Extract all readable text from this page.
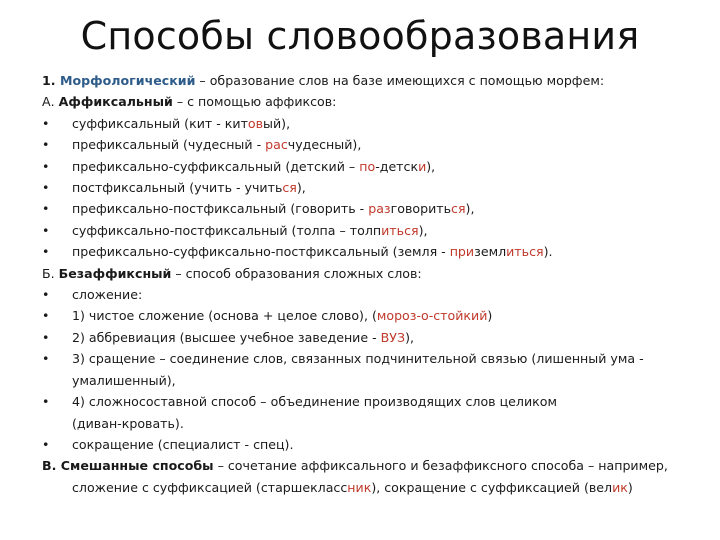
Способы словообразования
1. Морфологический – образование слов на базе имеющихся с помощью морфем:
А. Аффиксальный – с помощью аффиксов:
• суффиксальный (кит - китовый),
• префиксальный (чудесный - расчудесный),
• префиксально-суффиксальный (детский – по-детски),
• постфиксальный (учить - учиться),
• префиксально-постфиксальный (говорить - разговориться),
• суффиксально-постфиксальный (толпа – толпиться),
• префиксально-суффиксально-постфиксальный (земля - приземлиться).
Б. Безаффиксный – способ образования сложных слов:
• сложение:
• 1) чистое сложение (основа + целое слово), (мороз-о-стойкий)
• 2) аббревиация (высшее учебное заведение - ВУЗ),
• 3) сращение – соединение слов, связанных подчинительной связью (лишенный ума -
умалишенный),
• 4) сложносоставной способ – объединение производящих слов целиком
(диван-кровать).
• сокращение (специалист - спец).
В. Смешанные способы – сочетание аффиксального и безаффиксного способа – например,
сложение с суффиксацией (старшеклассник), сокращение с суффиксацией (велик)
